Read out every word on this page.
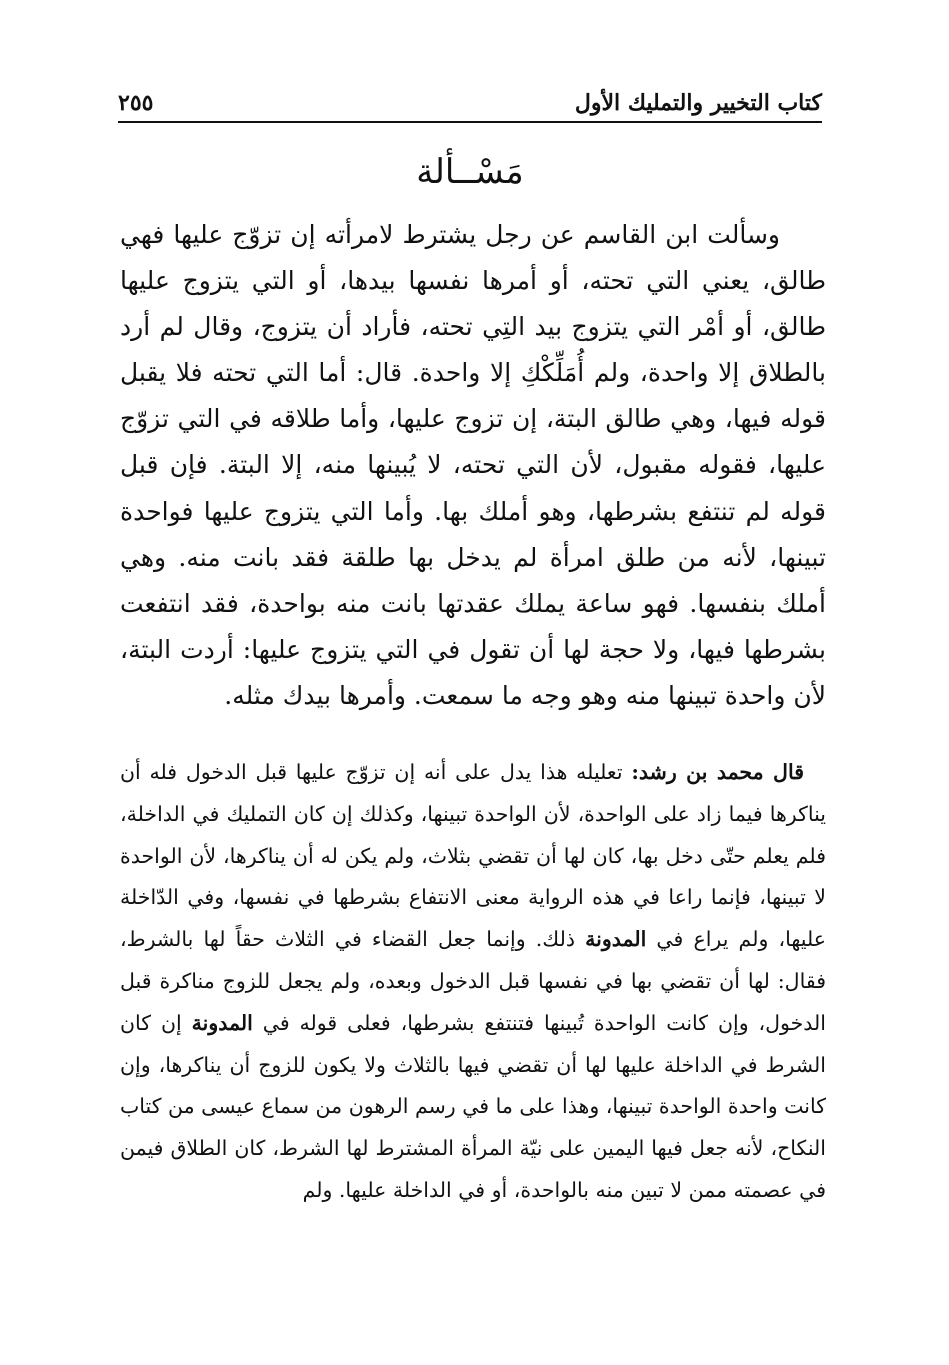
كتاب التخيير والتمليك الأول
٢٥٥
مَسْــألة
وسألت ابن القاسم عن رجل يشترط لامرأته إن تزوّج عليها فهي طالق، يعني التي تحته، أو أمرها نفسها بيدها، أو التي يتزوج عليها طالق، أو أمْر التي يتزوج بيد التِي تحته، فأراد أن يتزوج، وقال لم أرد بالطلاق إلا واحدة، ولم أُمَلِّكْكِ إلا واحدة. قال: أما التي تحته فلا يقبل قوله فيها، وهي طالق البتة، إن تزوج عليها، وأما طلاقه في التي تزوّج عليها، فقوله مقبول، لأن التي تحته، لا يُبينها منه، إلا البتة. فإن قبل قوله لم تنتفع بشرطها، وهو أملك بها. وأما التي يتزوج عليها فواحدة تبينها، لأنه من طلق امرأة لم يدخل بها طلقة فقد بانت منه. وهي أملك بنفسها. فهو ساعة يملك عقدتها بانت منه بواحدة، فقد انتفعت بشرطها فيها، ولا حجة لها أن تقول في التي يتزوج عليها: أردت البتة، لأن واحدة تبينها منه وهو وجه ما سمعت. وأمرها بيدك مثله.
قال محمد بن رشد: تعليله هذا يدل على أنه إن تزوّج عليها قبل الدخول فله أن يناكرها فيما زاد على الواحدة، لأن الواحدة تبينها، وكذلك إن كان التمليك في الداخلة، فلم يعلم حتّى دخل بها، كان لها أن تقضي بثلاث، ولم يكن له أن يناكرها، لأن الواحدة لا تبينها، فإنما راعا في هذه الرواية معنى الانتفاع بشرطها في نفسها، وفي الدّاخلة عليها، ولم يراع في المدونة ذلك. وإنما جعل القضاء في الثلاث حقاً لها بالشرط، فقال: لها أن تقضي بها في نفسها قبل الدخول وبعده، ولم يجعل للزوج مناكرة قبل الدخول، وإن كانت الواحدة تُبينها فتنتفع بشرطها، فعلى قوله في المدونة إن كان الشرط في الداخلة عليها لها أن تقضي فيها بالثلاث ولا يكون للزوج أن يناكرها، وإن كانت واحدة الواحدة تبينها، وهذا على ما في رسم الرهون من سماع عيسى من كتاب النكاح، لأنه جعل فيها اليمين على نيّة المرأة المشترط لها الشرط، كان الطلاق فيمن في عصمته ممن لا تبين منه بالواحدة، أو في الداخلة عليها. ولم
